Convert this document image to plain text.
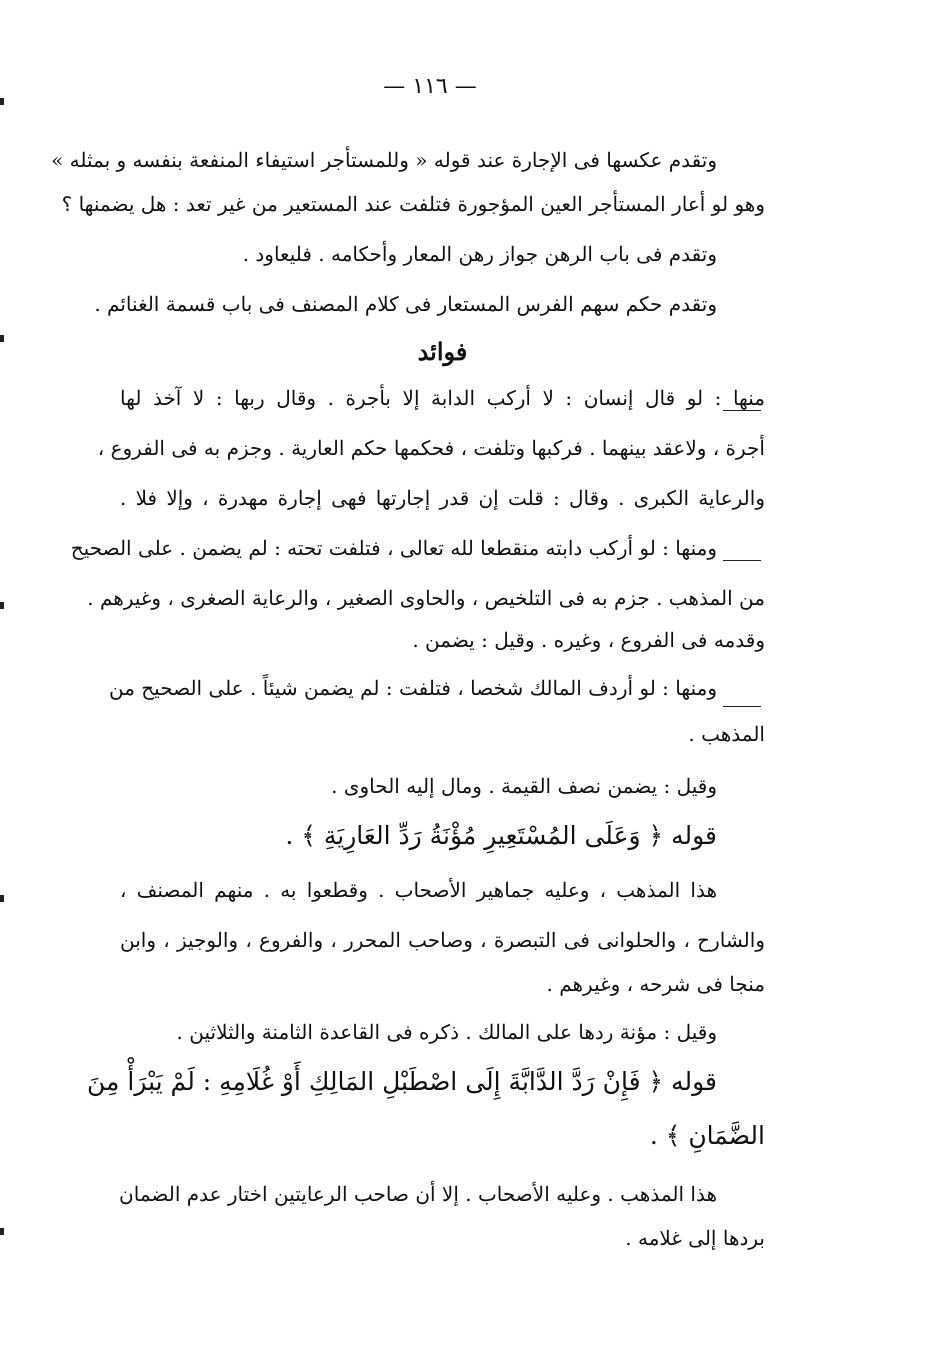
— ١١٦ —
وتقدم عكسها فى الإجارة عند قوله « وللمستأجر استيفاء المنفعة بنفسه و بمثله »
وهو لو أعار المستأجر العين المؤجورة فتلفت عند المستعير من غير تعد : هل يضمنها ؟
وتقدم فى باب الرهن جواز رهن المعار وأحكامه . فليعاود .
وتقدم حكم سهم الفرس المستعار فى كلام المصنف فى باب قسمة الغنائم .
فوائد
منها : لو قال إنسان : لا أركب الدابة إلا بأجرة . وقال ربها : لا آخذ لها
أجرة ، ولاعقد بينهما . فركبها وتلفت ، فحكمها حكم العارية . وجزم به فى الفروع ،
والرعاية الكبرى . وقال : قلت إن قدر إجارتها فهى إجارة مهدرة ، وإلا فلا .
ومنها : لو أركب دابته منقطعا لله تعالى ، فتلفت تحته : لم يضمن . على الصحيح
من المذهب . جزم به فى التلخيص ، والحاوى الصغير ، والرعاية الصغرى ، وغيرهم .
وقدمه فى الفروع ، وغيره . وقيل : يضمن .
ومنها : لو أردف المالك شخصا ، فتلفت : لم يضمن شيئاً . على الصحيح من
المذهب .
وقيل : يضمن نصف القيمة . ومال إليه الحاوى .
قوله ﴿ وَعَلَى المُسْتَعِيرِ مُؤْنَةُ رَدِّ العَارِيَةِ ﴾ .
هذا المذهب ، وعليه جماهير الأصحاب . وقطعوا به . منهم المصنف ،
والشارح ، والحلوانى فى التبصرة ، وصاحب المحرر ، والفروع ، والوجيز ، وابن
منجا فى شرحه ، وغيرهم .
وقيل : مؤنة ردها على المالك . ذكره فى القاعدة الثامنة والثلاثين .
قوله ﴿ فَإِنْ رَدَّ الدَّابَّةَ إِلَى اصْطَبْلِ المَالِكِ أَوْ غُلَامِهِ : لَمْ يَبْرَأْ مِنَ
الضَّمَانِ ﴾ .
هذا المذهب . وعليه الأصحاب . إلا أن صاحب الرعايتين اختار عدم الضمان
بردها إلى غلامه .
